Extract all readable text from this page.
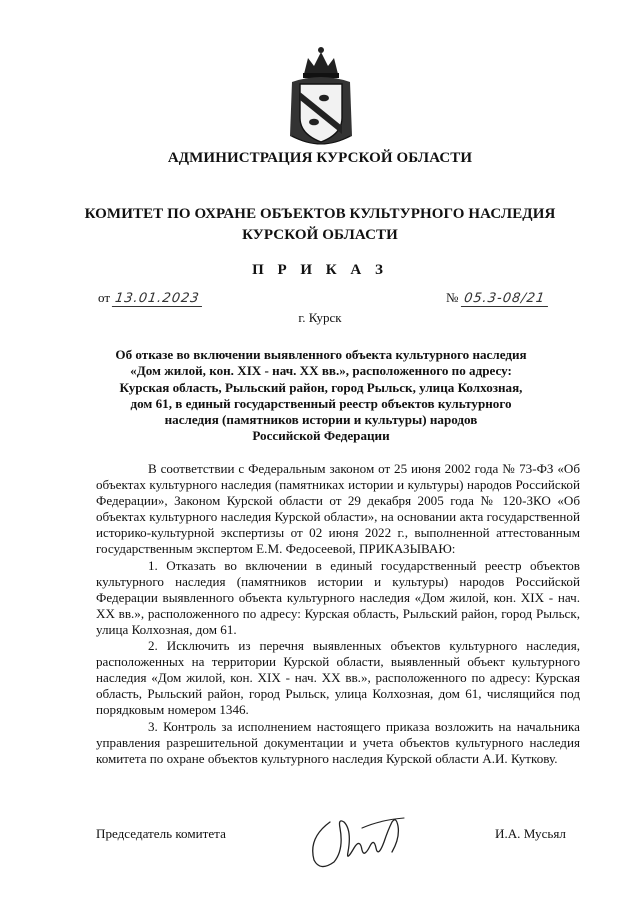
АДМИНИСТРАЦИЯ КУРСКОЙ ОБЛАСТИ
КОМИТЕТ ПО ОХРАНЕ ОБЪЕКТОВ КУЛЬТУРНОГО НАСЛЕДИЯ
КУРСКОЙ ОБЛАСТИ
П Р И К А З
от 13.01.2023	№ 05.3-08/21
г. Курск
Об отказе во включении выявленного объекта культурного наследия
«Дом жилой, кон. XIX - нач. XX вв.», расположенного по адресу:
Курская область, Рыльский район, город Рыльск, улица Колхозная,
дом 61, в единый государственный реестр объектов культурного
наследия (памятников истории и культуры) народов
Российской Федерации

В соответствии с Федеральным законом от 25 июня 2002 года № 73-ФЗ «Об объектах культурного наследия (памятниках истории и культуры) народов Российской Федерации», Законом Курской области от 29 декабря 2005 года № 120-ЗКО «Об объектах культурного наследия Курской области», на основании акта государственной историко-культурной экспертизы от 02 июня 2022 г., выполненной аттестованным государственным экспертом Е.М. Федосеевой, ПРИКАЗЫВАЮ:

1. Отказать во включении в единый государственный реестр объектов культурного наследия (памятников истории и культуры) народов Российской Федерации выявленного объекта культурного наследия «Дом жилой, кон. XIX - нач. XX вв.», расположенного по адресу: Курская область, Рыльский район, город Рыльск, улица Колхозная, дом 61.

2. Исключить из перечня выявленных объектов культурного наследия, расположенных на территории Курской области, выявленный объект культурного наследия «Дом жилой, кон. XIX - нач. XX вв.», расположенного по адресу: Курская область, Рыльский район, город Рыльск, улица Колхозная, дом 61, числящийся под порядковым номером 1346.

3. Контроль за исполнением настоящего приказа возложить на начальника управления разрешительной документации и учета объектов культурного наследия комитета по охране объектов культурного наследия Курской области А.И. Куткову.

Председатель комитета	И.А. Мусьял
